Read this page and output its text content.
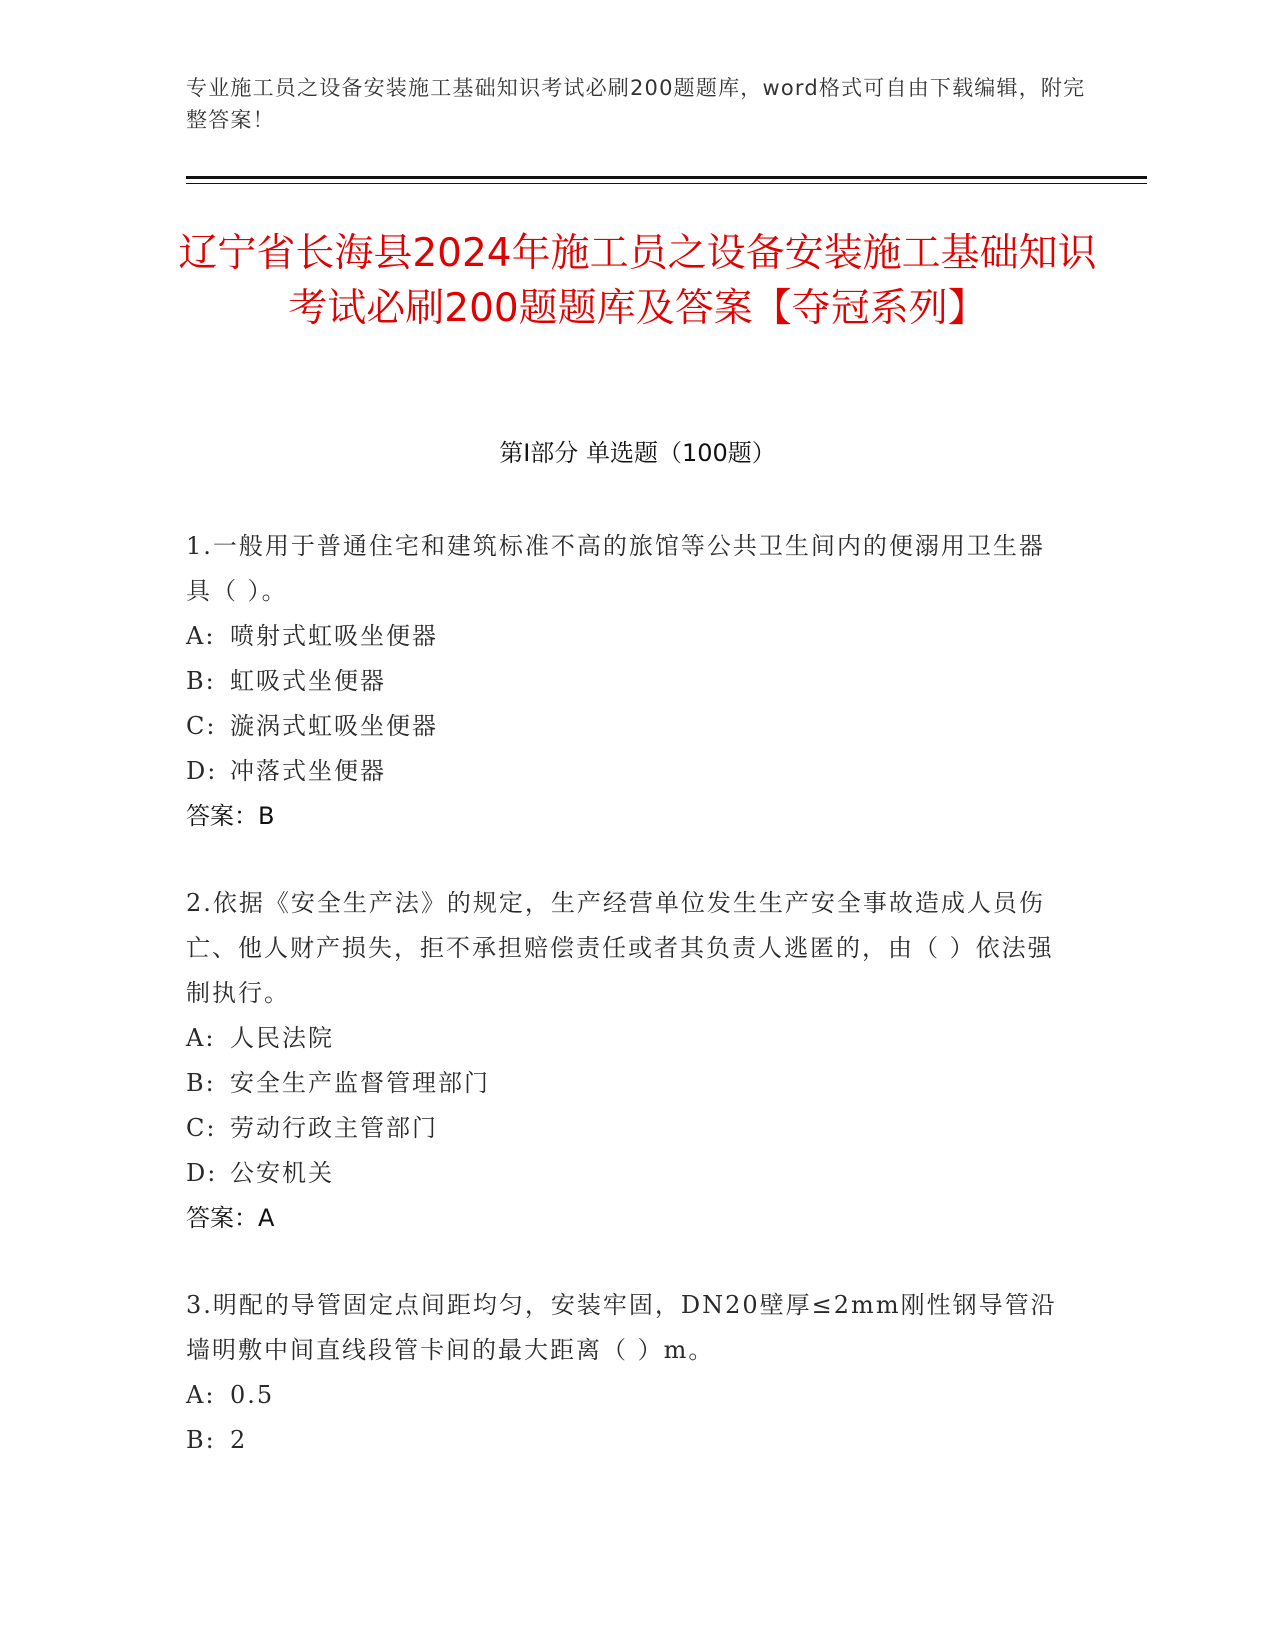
专业施工员之设备安装施工基础知识考试必刷200题题库，word格式可自由下载编辑，附完整答案！
辽宁省长海县2024年施工员之设备安装施工基础知识考试必刷200题题库及答案【夺冠系列】
第I部分 单选题（100题）
1.一般用于普通住宅和建筑标准不高的旅馆等公共卫生间内的便溺用卫生器具（ ）。
A: 喷射式虹吸坐便器
B: 虹吸式坐便器
C: 漩涡式虹吸坐便器
D: 冲落式坐便器
答案：B
2.依据《安全生产法》的规定，生产经营单位发生生产安全事故造成人员伤亡、他人财产损失，拒不承担赔偿责任或者其负责人逃匿的，由（ ）依法强制执行。
A: 人民法院
B: 安全生产监督管理部门
C: 劳动行政主管部门
D: 公安机关
答案：A
3.明配的导管固定点间距均匀，安装牢固，DN20壁厚≤2mm刚性钢导管沿墙明敷中间直线段管卡间的最大距离（ ）m。
A: 0.5
B: 2
